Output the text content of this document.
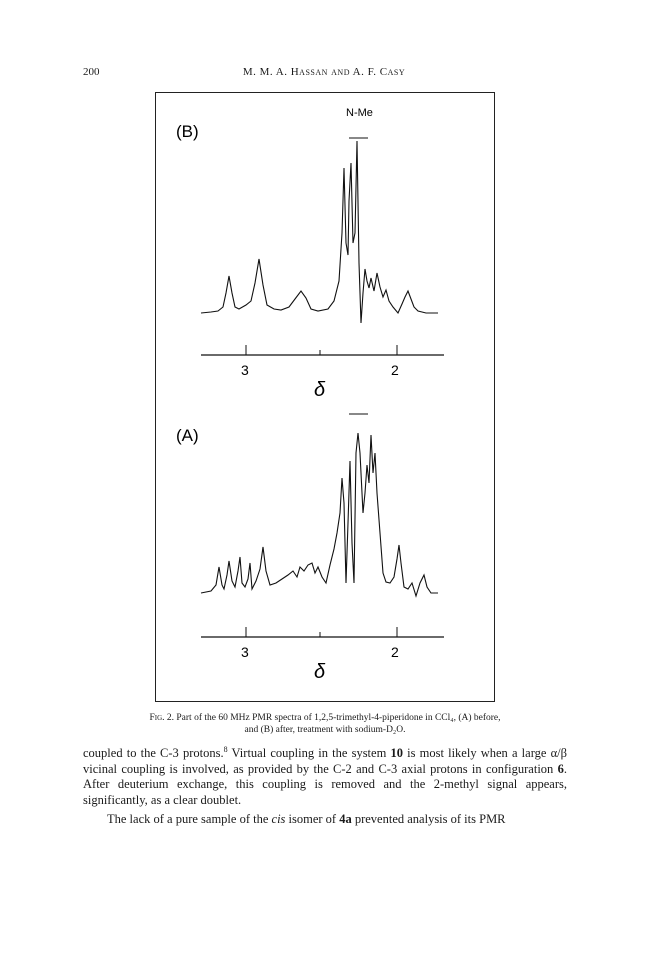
200	M. M. A. Hassan and A. F. Casy
(B)
N-Me
3	2
δ
(A)
3	2
δ
Fig. 2. Part of the 60 MHz PMR spectra of 1,2,5-trimethyl-4-piperidone in CCl₄, (A) before,
and (B) after, treatment with sodium-D₂O.
coupled to the C-3 protons.$^8$ Virtual coupling in the system 10 is most likely when a large α/β vicinal coupling is involved, as provided by the C-2 and C-3 axial protons in configuration 6. After deuterium exchange, this coupling is removed and the 2-methyl signal appears, significantly, as a clear doublet.
The lack of a pure sample of the cis isomer of 4a prevented analysis of its PMR
